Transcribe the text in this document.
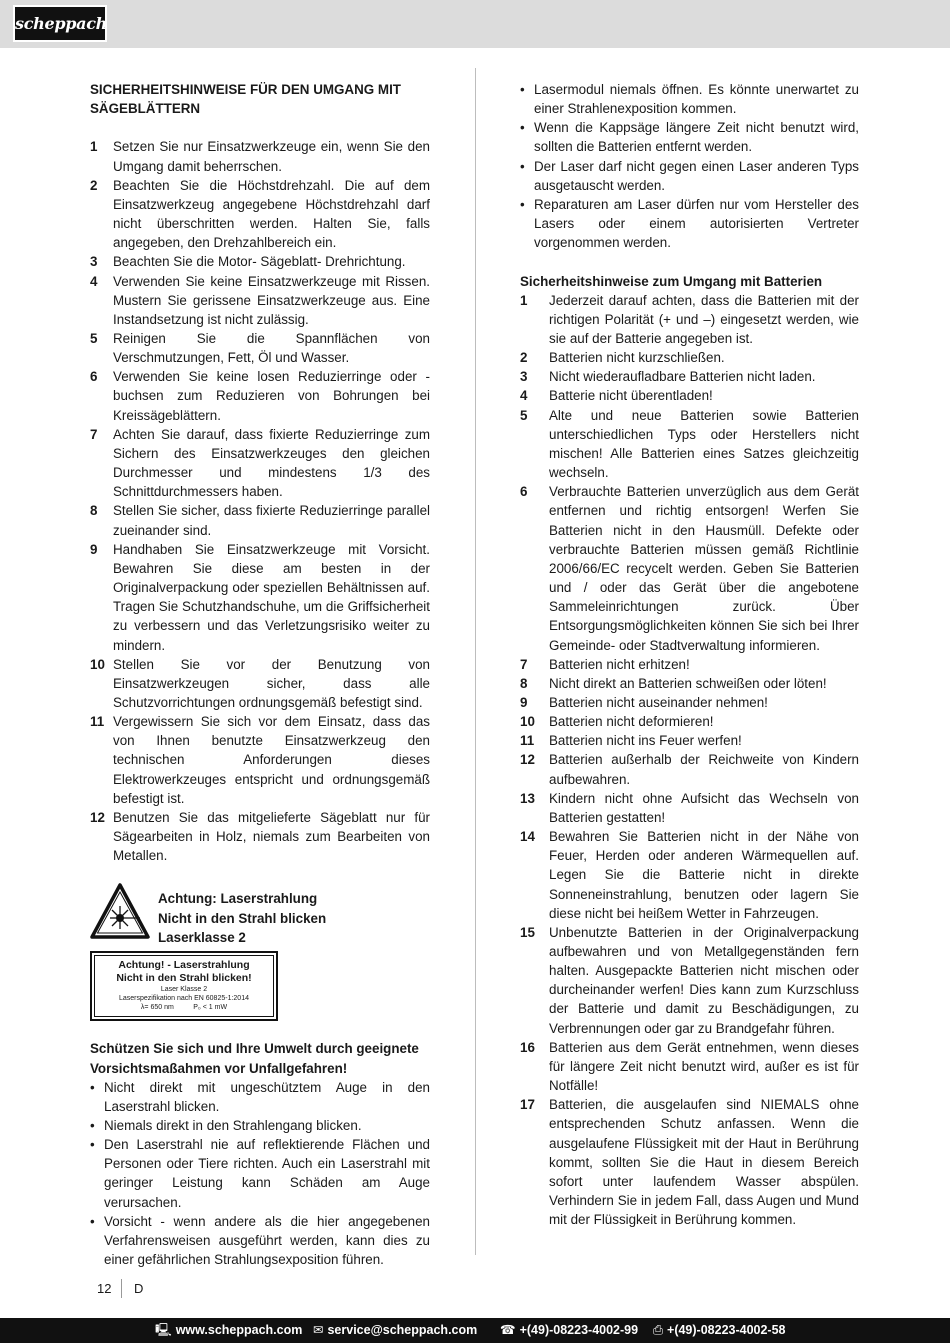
scheppach

SICHERHEITSHINWEISE FÜR DEN UMGANG MIT SÄGEBLÄTTERN

1 Setzen Sie nur Einsatzwerkzeuge ein, wenn Sie den Umgang damit beherrschen.
2 Beachten Sie die Höchstdrehzahl. Die auf dem Einsatzwerkzeug angegebene Höchstdrehzahl darf nicht überschritten werden. Halten Sie, falls angegeben, den Drehzahlbereich ein.
3 Beachten Sie die Motor- Sägeblatt- Drehrichtung.
4 Verwenden Sie keine Einsatzwerkzeuge mit Rissen. Mustern Sie gerissene Einsatzwerkzeuge aus. Eine Instandsetzung ist nicht zulässig.
5 Reinigen Sie die Spannflächen von Verschmutzungen, Fett, Öl und Wasser.
6 Verwenden Sie keine losen Reduzierringe oder -buchsen zum Reduzieren von Bohrungen bei Kreissägeblättern.
7 Achten Sie darauf, dass fixierte Reduzierringe zum Sichern des Einsatzwerkzeuges den gleichen Durchmesser und mindestens 1/3 des Schnittdurchmessers haben.
8 Stellen Sie sicher, dass fixierte Reduzierringe parallel zueinander sind.
9 Handhaben Sie Einsatzwerkzeuge mit Vorsicht. Bewahren Sie diese am besten in der Originalverpackung oder speziellen Behältnissen auf. Tragen Sie Schutzhandschuhe, um die Griffsicherheit zu verbessern und das Verletzungsrisiko weiter zu mindern.
10 Stellen Sie vor der Benutzung von Einsatzwerkzeugen sicher, dass alle Schutzvorrichtungen ordnungsgemäß befestigt sind.
11 Vergewissern Sie sich vor dem Einsatz, dass das von Ihnen benutzte Einsatzwerkzeug den technischen Anforderungen dieses Elektrowerkzeuges entspricht und ordnungsgemäß befestigt ist.
12 Benutzen Sie das mitgelieferte Sägeblatt nur für Sägearbeiten in Holz, niemals zum Bearbeiten von Metallen.
Achtung: Laserstrahlung
Nicht in den Strahl blicken
Laserklasse 2
Achtung! - Laserstrahlung
Nicht in den Strahl blicken!
Laser Klasse 2
Laserspezifikation nach EN 60825-1:2014
λ= 650 nm          P₀ < 1 mW

Schützen Sie sich und Ihre Umwelt durch geeignete Vorsichtsmaßahmen vor Unfallgefahren!

• Nicht direkt mit ungeschütztem Auge in den Laserstrahl blicken.
• Niemals direkt in den Strahlengang blicken.
• Den Laserstrahl nie auf reflektierende Flächen und Personen oder Tiere richten. Auch ein Laserstrahl mit geringer Leistung kann Schäden am Auge verursachen.
• Vorsicht - wenn andere als die hier angegebenen Verfahrensweisen ausgeführt werden, kann dies zu einer gefährlichen Strahlungsexposition führen.
• Lasermodul niemals öffnen. Es könnte unerwartet zu einer Strahlenexposition kommen.
• Wenn die Kappsäge längere Zeit nicht benutzt wird, sollten die Batterien entfernt werden.
• Der Laser darf nicht gegen einen Laser anderen Typs ausgetauscht werden.
• Reparaturen am Laser dürfen nur vom Hersteller des Lasers oder einem autorisierten Vertreter vorgenommen werden.

Sicherheitshinweise zum Umgang mit Batterien

1 Jederzeit darauf achten, dass die Batterien mit der richtigen Polarität (+ und –) eingesetzt werden, wie sie auf der Batterie angegeben ist.
2 Batterien nicht kurzschließen.
3 Nicht wiederaufladbare Batterien nicht laden.
4 Batterie nicht überentladen!
5 Alte und neue Batterien sowie Batterien unterschiedlichen Typs oder Herstellers nicht mischen! Alle Batterien eines Satzes gleichzeitig wechseln.
6 Verbrauchte Batterien unverzüglich aus dem Gerät entfernen und richtig entsorgen! Werfen Sie Batterien nicht in den Hausmüll. Defekte oder verbrauchte Batterien müssen gemäß Richtlinie 2006/66/EC recycelt werden. Geben Sie Batterien und / oder das Gerät über die angebotene Sammeleinrichtungen zurück. Über Entsorgungsmöglichkeiten können Sie sich bei Ihrer Gemeinde- oder Stadtverwaltung informieren.
7 Batterien nicht erhitzen!
8 Nicht direkt an Batterien schweißen oder löten!
9 Batterien nicht auseinander nehmen!
10 Batterien nicht deformieren!
11 Batterien nicht ins Feuer werfen!
12 Batterien außerhalb der Reichweite von Kindern aufbewahren.
13 Kindern nicht ohne Aufsicht das Wechseln von Batterien gestatten!
14 Bewahren Sie Batterien nicht in der Nähe von Feuer, Herden oder anderen Wärmequellen auf. Legen Sie die Batterie nicht in direkte Sonneneinstrahlung, benutzen oder lagern Sie diese nicht bei heißem Wetter in Fahrzeugen.
15 Unbenutzte Batterien in der Originalverpackung aufbewahren und von Metallgegenständen fern halten. Ausgepackte Batterien nicht mischen oder durcheinander werfen! Dies kann zum Kurzschluss der Batterie und damit zu Beschädigungen, zu Verbrennungen oder gar zu Brandgefahr führen.
16 Batterien aus dem Gerät entnehmen, wenn dieses für längere Zeit nicht benutzt wird, außer es ist für Notfälle!
17 Batterien, die ausgelaufen sind NIEMALS ohne entsprechenden Schutz anfassen. Wenn die ausgelaufene Flüssigkeit mit der Haut in Berührung kommt, sollten Sie die Haut in diesem Bereich sofort unter laufendem Wasser abspülen. Verhindern Sie in jedem Fall, dass Augen und Mund mit der Flüssigkeit in Berührung kommen.
12 D
🖳 www.scheppach.com ✉ service@scheppach.com ☎ +(49)-08223-4002-99 ⎙ +(49)-08223-4002-58
